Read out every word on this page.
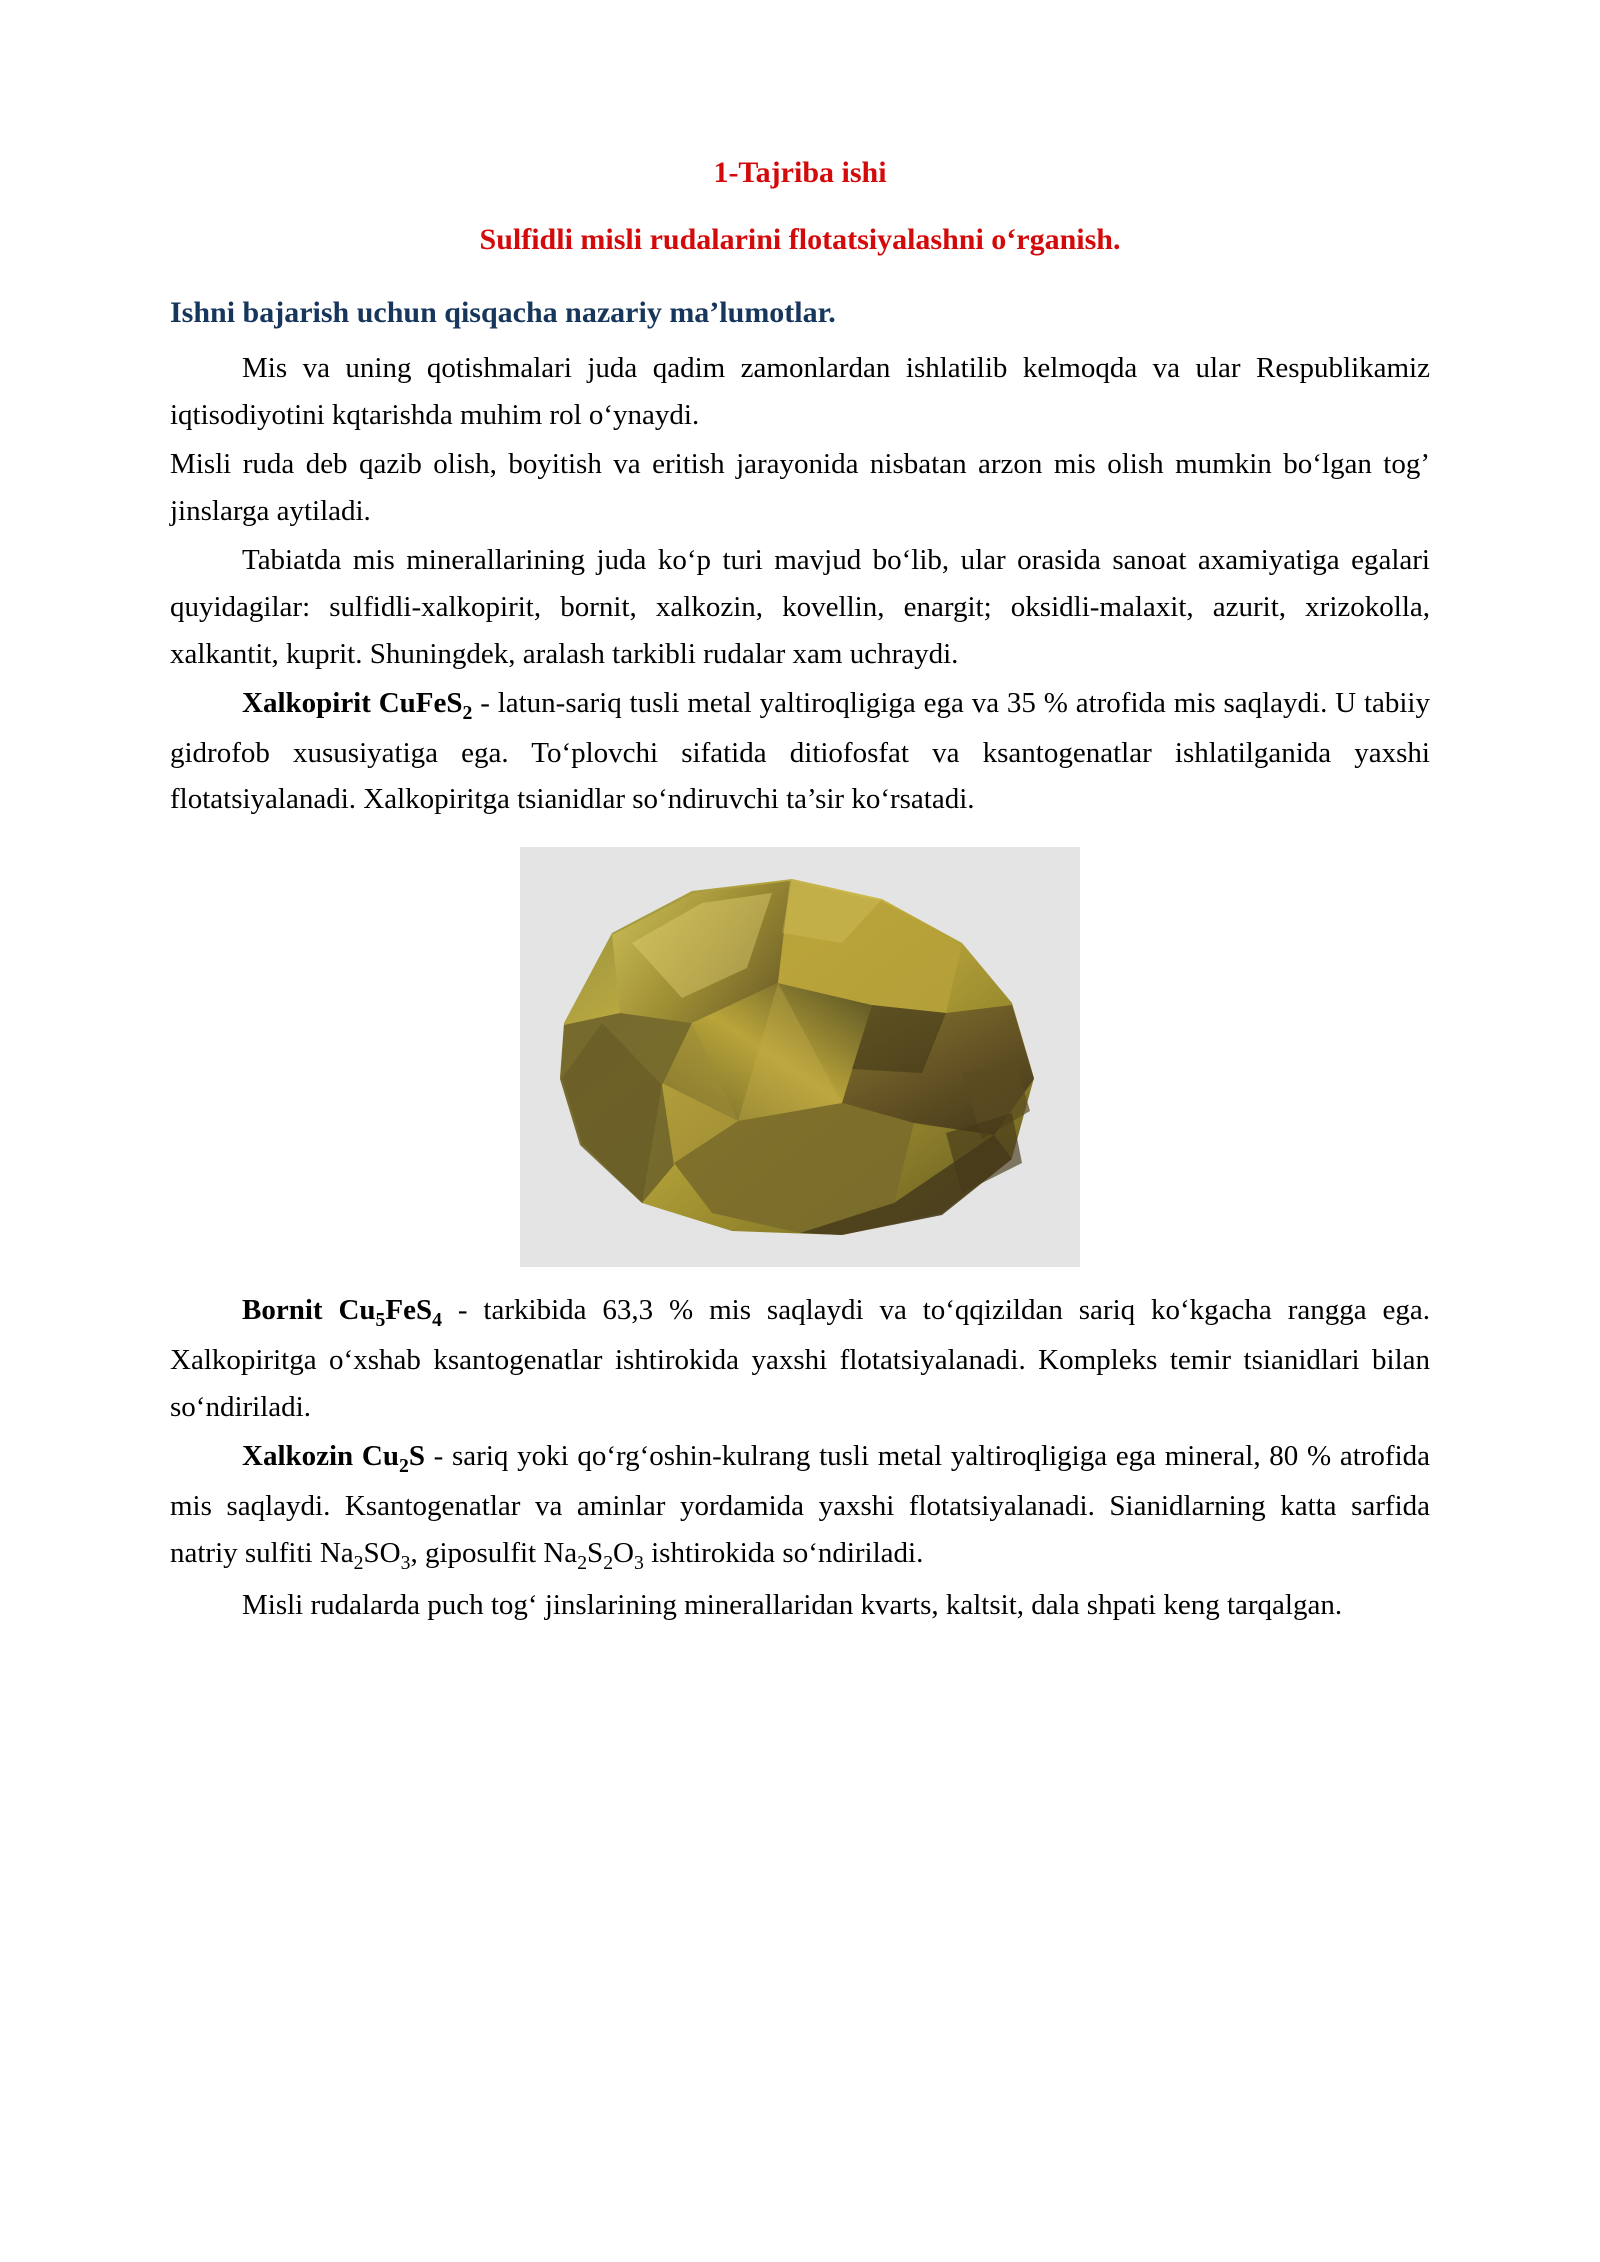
1-Tajriba ishi
Sulfidli misli rudalarini flotatsiyalashni o‘rganish.
Ishni bajarish uchun qisqacha nazariy ma’lumotlar.

Mis va uning qotishmalari juda qadim zamonlardan ishlatilib kelmoqda va ular Respublikamiz iqtisodiyotini kqtarishda muhim rol o‘ynaydi.

Misli ruda deb qazib olish, boyitish va eritish jarayonida nisbatan arzon mis olish mumkin bo‘lgan tog’ jinslarga aytiladi.

Tabiatda mis minerallarining juda ko‘p turi mavjud bo‘lib, ular orasida sanoat axamiyatiga egalari quyidagilar: sulfidli-xalkopirit, bornit, xalkozin, kovellin, enargit; oksidli-malaxit, azurit, xrizokolla, xalkantit, kuprit. Shuningdek, aralash tarkibli rudalar xam uchraydi.

Xalkopirit CuFeS$_2$ - latun-sariq tusli metal yaltiroqligiga ega va 35 % atrofida mis saqlaydi. U tabiiy gidrofob xususiyatiga ega. To‘plovchi sifatida ditiofosfat va ksantogenatlar ishlatilganida yaxshi flotatsiyalanadi. Xalkopiritga tsianidlar so‘ndiruvchi ta’sir ko‘rsatadi.

Bornit $Cu_5FeS_4$ - tarkibida 63,3 % mis saqlaydi va to‘qqizildan sariq ko‘kgacha rangga ega. Xalkopiritga o‘xshab ksantogenatlar ishtirokida yaxshi flotatsiyalanadi. Kompleks temir tsianidlari bilan so‘ndiriladi.

Xalkozin $Cu_2S$ - sariq yoki qo‘rg‘oshin-kulrang tusli metal yaltiroqligiga ega mineral, 80 % atrofida mis saqlaydi. Ksantogenatlar va aminlar yordamida yaxshi flotatsiyalanadi. Sianidlarning katta sarfida natriy sulfiti $Na_2SO_3$, giposulfit $Na_2S_2O_3$ ishtirokida so‘ndiriladi.

Misli rudalarda puch tog‘ jinslarining minerallaridan kvarts, kaltsit, dala shpati keng tarqalgan.
